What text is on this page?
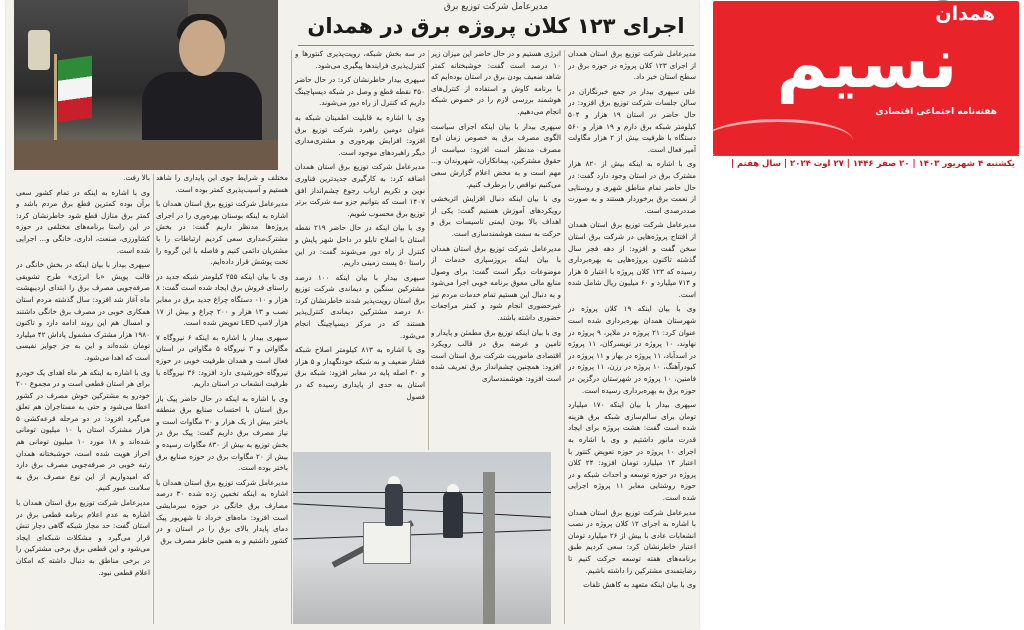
مدیرعامل شرکت توزیع برق
اجرای ۱۲۳ کلان پروژه برق در همدان

مدیرعامل شرکت توزیع برق استان همدان از اجرای ۱۲۳ کلان پروژه در حوزه برق در سطح استان خبر داد.

علی سپهری بیدار در جمع خبرنگاران در سالن جلسات شرکت توزیع برق افزود: در حال حاضر در استان ۱۹ هزار و ۵۰۴ کیلومتر شبکه برق دارم و ۱۹ هزار و ۵۶۰ دستگاه با ظرفیت بیش از ۲ هزار مگاولت آمپر فعال است.

وی با اشاره به اینکه بیش از ۸۲۰ هزار مشترک برق در استان وجود دارد گفت: در حال حاضر تمام مناطق شهری و روستایی از نعمت برق برخوردار هستند و به صورت صددرصدی است.

مدیرعامل شرکت توزیع برق استان همدان از افتتاح پروژه‌هایی در شرکت برق استان سخن گفت و افزود: از دهه فجر سال گذشته تاکنون پروژه‌هایی به بهره‌برداری رسیده که ۱۲۳ کلان پروژه با اعتبار ۵ هزار و ۷۱۴ میلیارد و ۶۰ میلیون ریال شامل شده است.

وی با بیان اینکه ۱۹ کلان پروژه در شهرستان همدان بهره‌برداری شده است عنوان کرد: ۲۱ پروژه در ملایر، ۹ پروژه در نهاوند، ۱۰ پروژه در تویسرکان، ۱۱ پروژه در اسدآباد، ۱۱ پروژه در بهار و ۱۱ پروژه در کبودرآهنگ، ۱۰ پروژه در رزن، ۱۱ پروژه در فامنین، ۱۰ پروژه در شهرستان درگزین در حوزه برق به بهره‌برداری رسیده است.

سپهری بیدار با بیان اینکه ۱۷۰ میلیارد تومان برای سالم‌سازی شبکه برق هزینه شده است گفت: هشت پروژه برای ایجاد قدرت مانور داشتیم و وی با اشاره به اجرای ۱۰ پروژه در حوزه تعویض کنتور با اعتبار ۱۴ میلیارد تومان افزود: ۲۴ کلان پروژه در حوزه توسعه و احداث شبکه و در حوزه روشنایی معابر ۱۱ پروژه اجرایی شده است.

مدیرعامل شرکت توزیع برق استان همدان با اشاره به اجرای ۱۲ کلان پروژه در نصب انشعابات عادی با بیش از ۲۶ میلیارد تومان اعتبار خاطرنشان کرد: سعی کردیم طبق برنامه‌های هفته توسعه حرکت کنیم تا رضایتمندی مشترکین را داشته باشیم.

وی با بیان اینکه متعهد به کاهش تلفات

انرژی هستیم و در حال حاضر این میزان زیر ۱۰ درصد است گفت: خوشبختانه کمتر شاهد ضعیف بودن برق در استان بوده‌ایم که با برنامه کاوش و استفاده از کنترل‌های هوشمند بررسی لازم را در خصوص شبکه انجام می‌دهیم.

سپهری بیدار با بیان اینکه اجرای سیاست الگوی مصرف برق به خصوص زمان اوج مصرف مدنظر است افزود: سیاست از حقوق مشترکین، پیمانکاران، شهروندان و... مهم است و به محض اعلام گزارش سعی می‌کنیم نواقص را برطرف کنیم.

وی با بیان اینکه دنبال افزایش اثربخشی رویکردهای آموزش هستیم گفت: یکی از اهداف بالا بودن ایمنی تاسیسات برق و حرکت به سمت هوشمندسازی است.

مدیرعامل شرکت توزیع برق استان همدان با بیان اینکه بروزسپاری خدمات از موضوعات دیگر است گفت: برای وصول منابع مالی معوق برنامه خوبی اجرا می‌شود و به دنبال این هستیم تمام خدمات مردم نیز غیرحضوری انجام شود و کمتر مراجعات حضوری داشته باشند.

وی با بیان اینکه توزیع برق مطمئن و پایدار و تامین و عرضه برق در قالب رویکرد اقتصادی ماموریت شرکت برق استان است افزود: همچنین چشم‌انداز برق تعریف شده است افزود: هوشمندسازی

در سه بخش شبکه، رویت‌پذیری کنتورها و کنترل‌پذیری فرایندها پیگیری می‌شود.

سپهری بیدار خاطرنشان کرد: در حال حاضر ۴۵۰ نقطه قطع و وصل در شبکه دیسپاچینگ داریم که کنترل از راه دور می‌شوند.

وی با اشاره به قابلیت اطمینان شبکه به عنوان دومین راهبرد شرکت توزیع برق افزود: افزایش بهره‌وری و مشتری‌مداری دیگر راهبردهای موجود است.

مدیرعامل شرکت توزیع برق استان همدان اضافه کرد: به کارگیری جدیدترین فناوری نوین و تکریم ارباب رجوع چشم‌انداز افق ۱۴۰۷ است که بتوانیم جزو سه شرکت برتر توزیع برق محسوب شویم.

وی با بیان اینکه در حال حاضر ۲۱۹ نقطه استان با اصلاح تابلو در داخل شهر پایش و کنترل از راه دور می‌شوند گفت: در این راستا ۵۰ پست زمینی داریم.

سپهری بیدار با بیان اینکه ۱۰۰ درصد مشترکین سنگین و دیماندی شرکت توزیع برق استان رویت‌پذیر شدند خاطرنشان کرد: ۸۰ درصد مشترکین دیماندی کنترل‌پذیر هستند که در مرکز دیسپاچینگ انجام می‌شود.

وی با اشاره به ۸۱۳ کیلومتر اصلاح شبکه فشار ضعیف و به شبکه خودنگهدار و ۵ هزار و ۳۰ اصله پایه در معابر افزود: شبکه برق استان به حدی از پایداری رسیده که در فصول

مختلف و شرایط جوی این پایداری را شاهد هستیم و آسیب‌پذیری کمتر بوده است.

مدیرعامل شرکت توزیع برق استان همدان با اشاره به اینکه بوستان بهره‌وری را در اجرای پروژه‌ها مدنظر داریم گفت: در بخش مشترک‌مداری سعی کردیم ارتباطات را با مشتریان دائمی کنیم و فاصله با این گروه را تحت پوشش قرار داده‌ایم.

وی با بیان اینکه ۲۵۵ کیلومتر شبکه جدید در راستای فروش برق ایجاد شده است گفت: ۸ هزار و ۰۱۰ دستگاه چراغ جدید برق در معابر نصب و ۱۳ هزار و ۲۰۰ چراغ و بیش از ۱۷ هزار لامپ LED تعویض شده است.

سپهری بیدار با اشاره به اینکه ۶ نیروگاه ۷ مگاواتی و ۳ نیروگاه ۵ مگاواتی در استان فعال است و همدان ظرفیت خوبی در حوزه نیروگاه خورشیدی دارد افزود: ۳۶ نیروگاه با ظرفیت انشعاب در استان داریم.

وی با اشاره به اینکه در حال حاضر پیک بار برق استان با احتساب صنایع برق منطقه باختر بیش از یک هزار و ۳۰ مگاوات است و نیاز مصرف برق داریم گفت: پیک برق در بخش توزیع به بیش از ۸۳۰ مگاوات رسیده و بیش از ۲۰ مگاوات برق در حوزه صنایع برق باختر بوده است.

مدیرعامل شرکت توزیع برق استان همدان با اشاره به اینکه تخمین زده شده ۳۰ درصد مصارف برق خانگی در حوزه سرمایشی است افزود: ماه‌های خرداد تا شهریور پیک دمای پایدار بالای برق را در استان و در کشور داشتیم و به همین خاطر مصرف برق

بالا رفت.

وی با اشاره به اینکه در تمام کشور سعی برآن بوده کمترین قطع برق مردم باشد و کمتر برق منازل قطع شود خاطرنشان کرد: در این راستا برنامه‌های مختلفی در حوزه کشاورزی، صنعت، اداری، خانگی و... اجرایی شده است.

سپهری بیدار با بیان اینکه در بخش خانگی در قالب پویش «با انرژی» طرح تشویقی صرفه‌جویی مصرف برق را ابتدای اردیبهشت ماه آغاز شد افزود: سال گذشته مردم استان همکاری خوبی در مصرف برق خانگی داشتند و امسال هم این روند ادامه دارد و تاکنون ۱۹۸۰ هزار مشترک مشمول پاداش ۴۲ میلیارد تومان شده‌اند و این به جز جوایز نفیسی است که اهدا می‌شود.

وی با اشاره به اینکه هر ماه اهدای یک خودرو برای هر استان قطعی است و در مجموع ۲۰۰ خودرو به مشترکین خوش مصرف در کشور اعطا می‌شود و حتی به مستاجران هم تعلق می‌گیرد افزود: در دو مرحله قرعه‌کشی ۵ هزار مشترک استان با ۱۰ میلیون تومانی شده‌اند و ۱۸ مورد ۱۰ میلیون تومانی هم احراز هویت شده است، خوشبختانه همدان رتبه خوبی در صرفه‌جویی مصرف برق دارد که امیدواریم از این نوع مصرف برق به سلامت عبور کنیم.

مدیرعامل شرکت توزیع برق استان همدان با اشاره به عدم اعلام برنامه قطعی برق در استان گفت: حد مجاز شبکه گاهی دچار تنش قرار می‌گیرد و مشکلات شبکه‌ای ایجاد می‌شود و این قطعی برق برخی مشترکین را در برخی مناطق به دنبال داشته که امکان اعلام قطعی نبود.

همدان
نسیم
هفته‌نامه اجتماعی اقتصادی
یکشنبه ۴ شهریور ۱۴۰۳ | ۲۰ صفر ۱۴۴۶ | ۲۷ اوت ۲۰۲۴ | سال هفتم |
